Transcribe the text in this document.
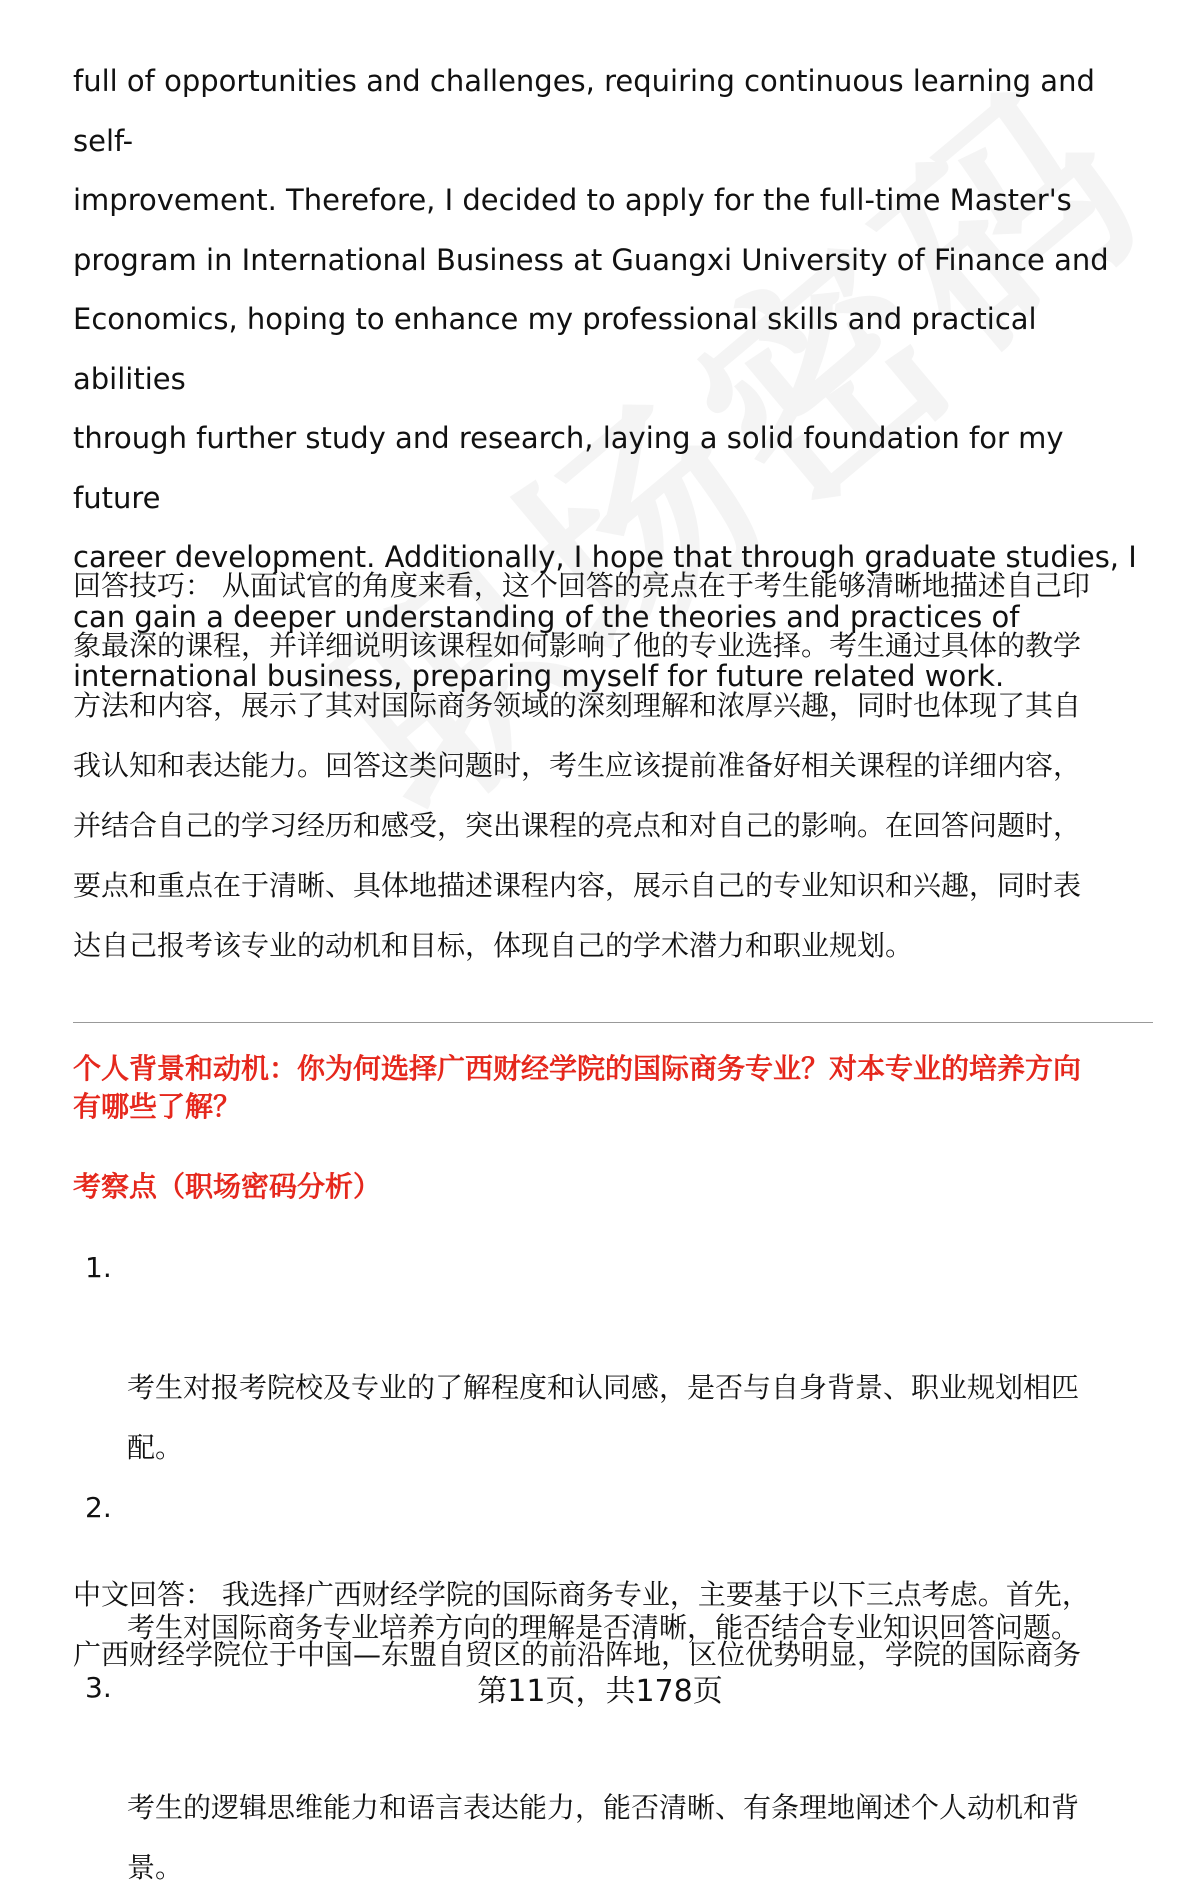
full of opportunities and challenges, requiring continuous learning and self-
improvement. Therefore, I decided to apply for the full-time Master's
program in International Business at Guangxi University of Finance and
Economics, hoping to enhance my professional skills and practical abilities
through further study and research, laying a solid foundation for my future
career development. Additionally, I hope that through graduate studies, I
can gain a deeper understanding of the theories and practices of
international business, preparing myself for future related work.
回答技巧： 从面试官的角度来看，这个回答的亮点在于考生能够清晰地描述自己印
象最深的课程，并详细说明该课程如何影响了他的专业选择。考生通过具体的教学
方法和内容，展示了其对国际商务领域的深刻理解和浓厚兴趣，同时也体现了其自
我认知和表达能力。回答这类问题时，考生应该提前准备好相关课程的详细内容，
并结合自己的学习经历和感受，突出课程的亮点和对自己的影响。在回答问题时，
要点和重点在于清晰、具体地描述课程内容，展示自己的专业知识和兴趣，同时表
达自己报考该专业的动机和目标，体现自己的学术潜力和职业规划。
个人背景和动机：你为何选择广西财经学院的国际商务专业？对本专业的培养方向
有哪些了解？
考察点（职场密码分析）

1.

考生对报考院校及专业的了解程度和认同感，是否与自身背景、职业规划相匹
配。

2.

考生对国际商务专业培养方向的理解是否清晰，能否结合专业知识回答问题。

3.

考生的逻辑思维能力和语言表达能力，能否清晰、有条理地阐述个人动机和背
景。

中文回答： 我选择广西财经学院的国际商务专业，主要基于以下三点考虑。首先，
广西财经学院位于中国—东盟自贸区的前沿阵地，区位优势明显，学院的国际商务
第11页，共178页
